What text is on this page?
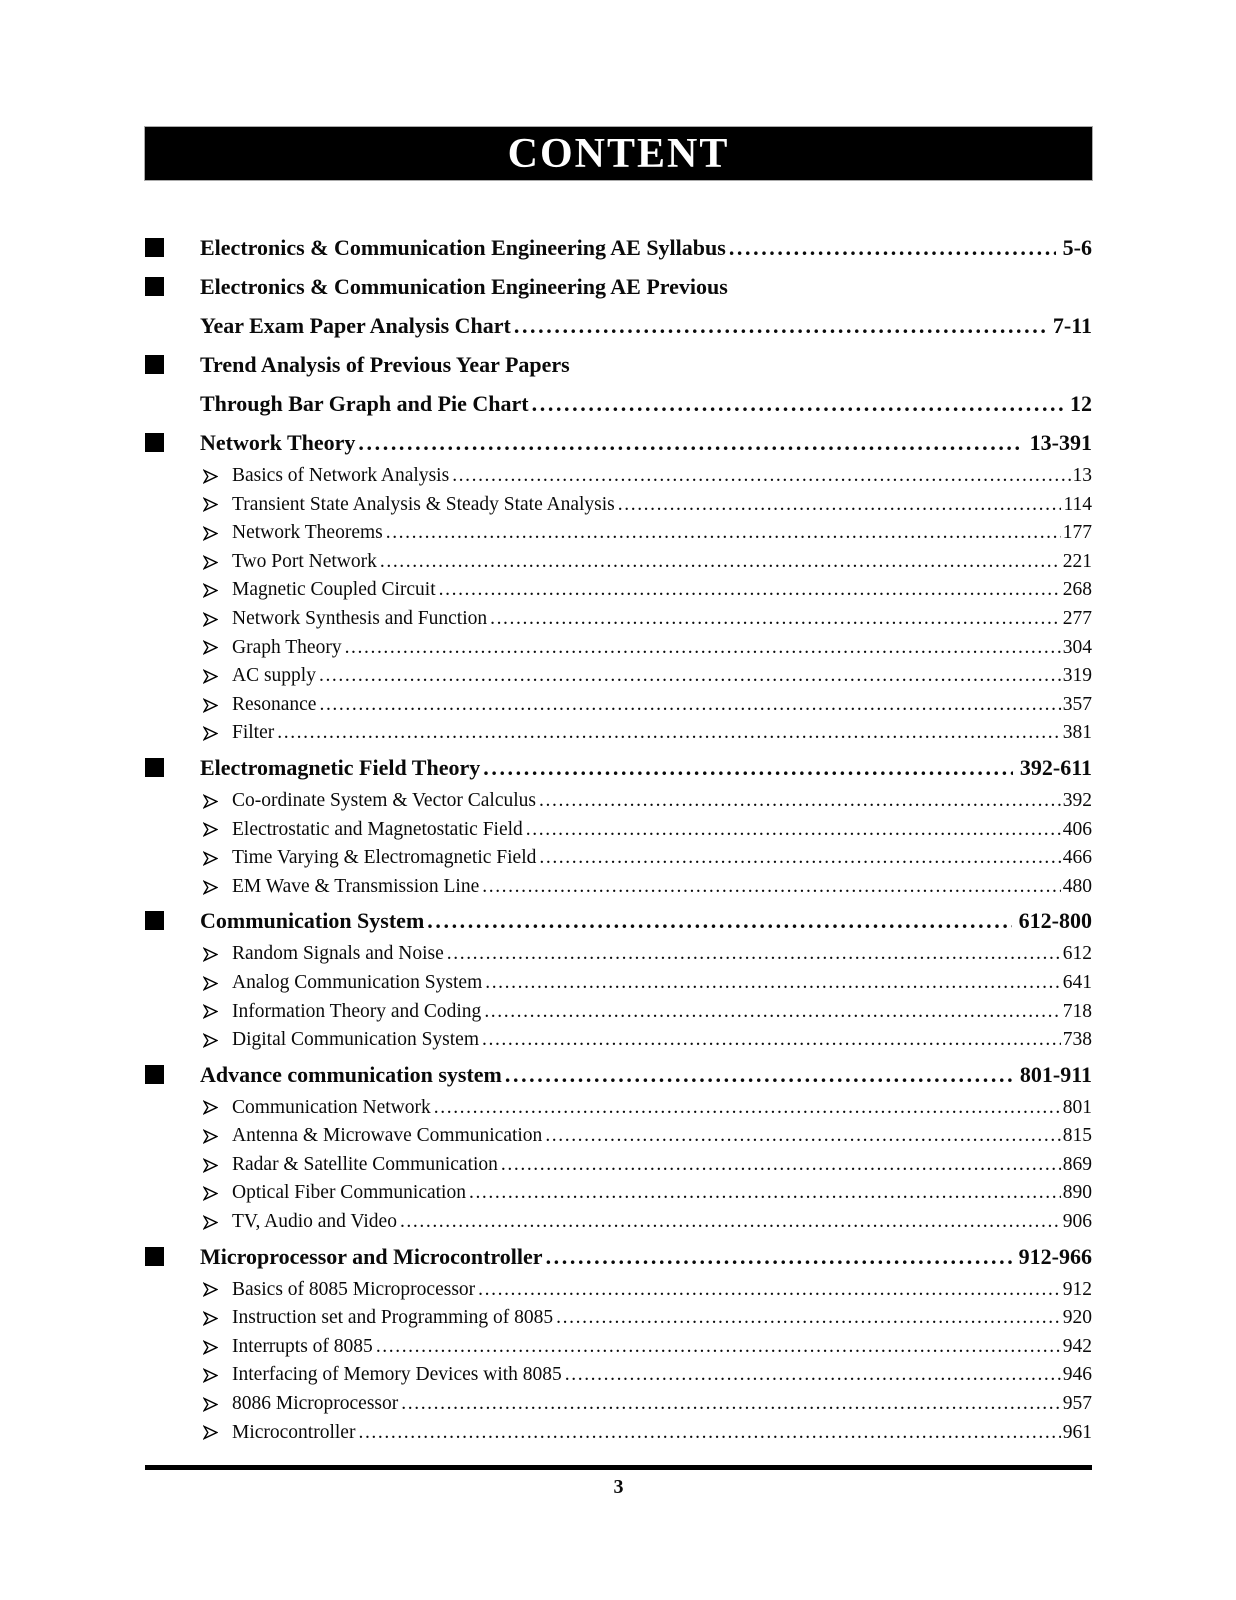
CONTENT
Electronics & Communication Engineering AE Syllabus .....	5-6
Electronics & Communication Engineering AE Previous
Year Exam Paper Analysis Chart .....	7-11
Trend Analysis of Previous Year Papers
Through Bar Graph and Pie Chart .....	12
Network Theory .....	13-391
Basics of Network Analysis .....	13
Transient State Analysis & Steady State Analysis .....	114
Network Theorems .....	177
Two Port Network .....	221
Magnetic Coupled Circuit .....	268
Network Synthesis and Function .....	277
Graph Theory .....	304
AC supply .....	319
Resonance .....	357
Filter .....	381
Electromagnetic Field Theory .....	392-611
Co-ordinate System & Vector Calculus .....	392
Electrostatic and Magnetostatic Field .....	406
Time Varying & Electromagnetic Field .....	466
EM Wave & Transmission Line .....	480
Communication System .....	612-800
Random Signals and Noise .....	612
Analog Communication System .....	641
Information Theory and Coding .....	718
Digital Communication System .....	738
Advance communication system .....	801-911
Communication Network .....	801
Antenna & Microwave Communication .....	815
Radar & Satellite Communication .....	869
Optical Fiber Communication .....	890
TV, Audio and Video .....	906
Microprocessor and Microcontroller .....	912-966
Basics of 8085 Microprocessor .....	912
Instruction set and Programming of 8085 .....	920
Interrupts of 8085 .....	942
Interfacing of Memory Devices with 8085 .....	946
8086 Microprocessor .....	957
Microcontroller .....	961
3
